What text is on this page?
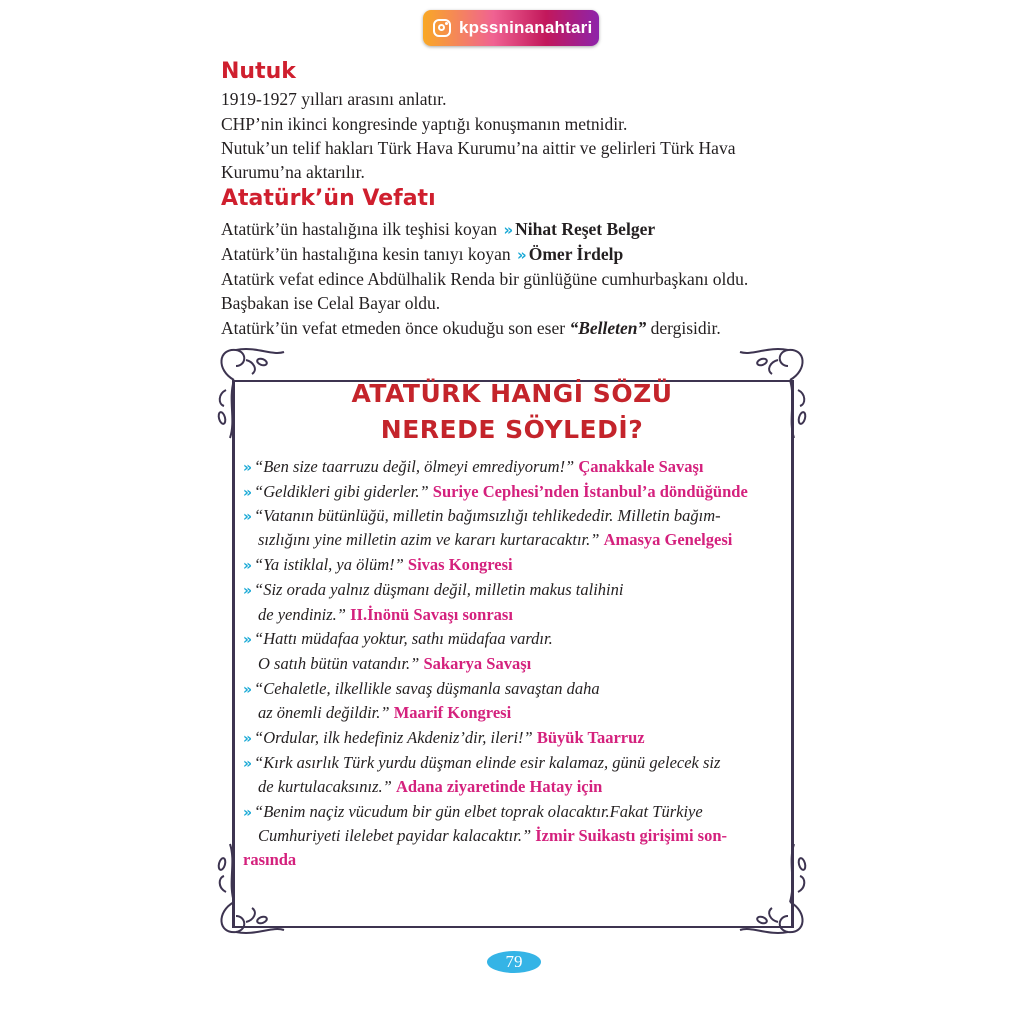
kpssninanahtari
Nutuk
1919-1927 yılları arasını anlatır.
CHP’nin ikinci kongresinde yaptığı konuşmanın metnidir.
Nutuk’un telif hakları Türk Hava Kurumu’na aittir ve gelirleri Türk Hava
Kurumu’na aktarılır.
Atatürk’ün Vefatı
Atatürk’ün hastalığına ilk teşhisi koyan » Nihat Reşet Belger
Atatürk’ün hastalığına kesin tanıyı koyan » Ömer İrdelp
Atatürk vefat edince Abdülhalik Renda bir günlüğüne cumhurbaşkanı oldu.
Başbakan ise Celal Bayar oldu.
Atatürk’ün vefat etmeden önce okuduğu son eser “Belleten” dergisidir.
ATATÜRK HANGİ SÖZÜ
NEREDE SÖYLEDİ?
» “Ben size taarruzu değil, ölmeyi emrediyorum!” Çanakkale Savaşı
» “Geldikleri gibi giderler.” Suriye Cephesi’nden İstanbul’a döndüğünde
» “Vatanın bütünlüğü, milletin bağımsızlığı tehlikededir. Milletin bağım-
sızlığını yine milletin azim ve kararı kurtaracaktır.” Amasya Genelgesi
» “Ya istiklal, ya ölüm!” Sivas Kongresi
» “Siz orada yalnız düşmanı değil, milletin makus talihini
de yendiniz.” II.İnönü Savaşı sonrası
» “Hattı müdafaa yoktur, sathı müdafaa vardır.
O satıh bütün vatandır.” Sakarya Savaşı
» “Cehaletle, ilkellikle savaş düşmanla savaştan daha
az önemli değildir.” Maarif Kongresi
» “Ordular, ilk hedefiniz Akdeniz’dir, ileri!” Büyük Taarruz
» “Kırk asırlık Türk yurdu düşman elinde esir kalamaz, günü gelecek siz
de kurtulacaksınız.” Adana ziyaretinde Hatay için
» “Benim naçiz vücudum bir gün elbet toprak olacaktır.Fakat Türkiye
Cumhuriyeti ilelebet payidar kalacaktır.” İzmir Suikastı girişimi son-
rasında
79
